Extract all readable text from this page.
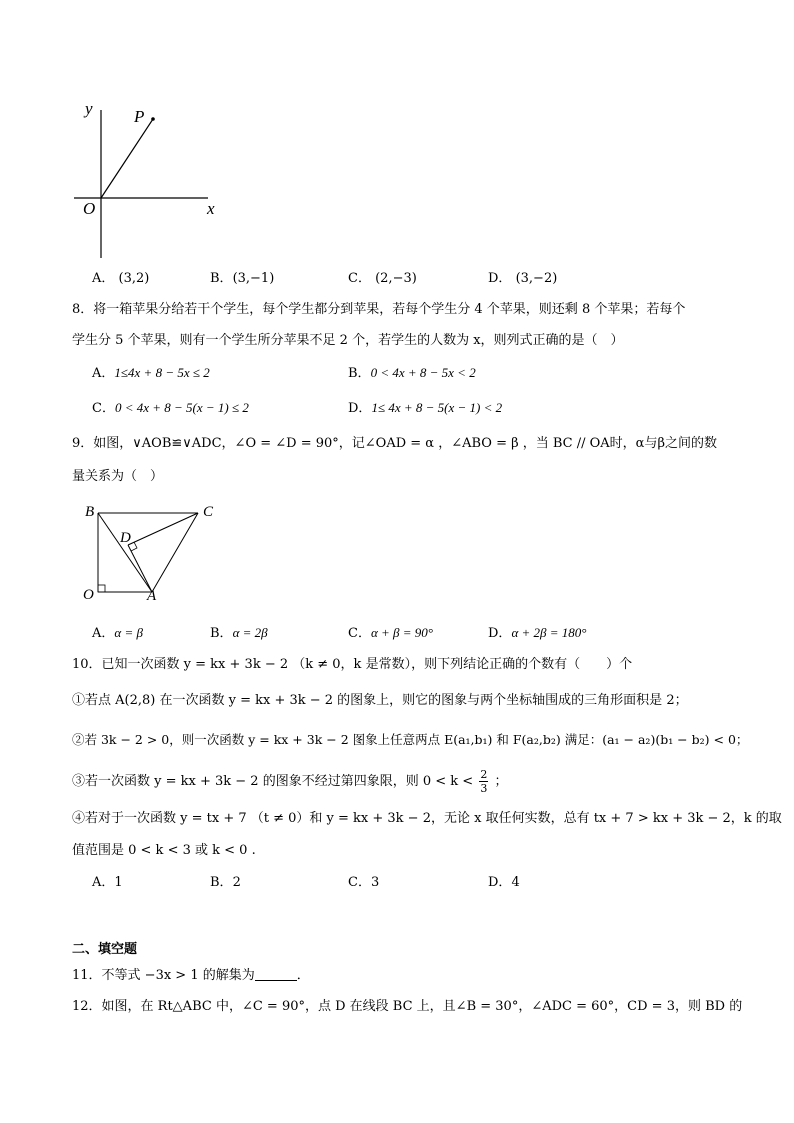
y P
O	x
A． (3,2)	B．(3,−1)	C． (2,−3)	D． (3,−2)
8．将一箱苹果分给若干个学生，每个学生都分到苹果，若每个学生分 4 个苹果，则还剩 8 个苹果；若每个
学生分 5 个苹果，则有一个学生所分苹果不足 2 个，若学生的人数为 x，则列式正确的是（　）
A．1≤4x + 8 − 5x ≤ 2	B．0 < 4x + 8 − 5x < 2
C．0 < 4x + 8 − 5(x − 1) ≤ 2	D．1≤ 4x + 8 − 5(x − 1) < 2
9．如图，∨AOB≌∨ADC，∠O = ∠D = 90°，记∠OAD = α ，∠ABO = β ，当 BC // OA时，α与β之间的数
量关系为（　）
B	C
D
O	A
A．α = β	B．α = 2β	C．α + β = 90°	D．α + 2β = 180°
10．已知一次函数 y = kx + 3k − 2 （k ≠ 0，k 是常数），则下列结论正确的个数有（　　）个
①若点 A(2,8) 在一次函数 y = kx + 3k − 2 的图象上，则它的图象与两个坐标轴围成的三角形面积是 2；
②若 3k − 2 > 0，则一次函数 y = kx + 3k − 2 图象上任意两点 E(a₁,b₁) 和 F(a₂,b₂) 满足：(a₁ − a₂)(b₁ − b₂) < 0；
③若一次函数 y = kx + 3k − 2 的图象不经过第四象限，则 $0 < k < \frac{2}{3}$ ；
④若对于一次函数 y = tx + 7 （t ≠ 0）和 y = kx + 3k − 2，无论 x 取任何实数，总有 tx + 7 > kx + 3k − 2，k 的取
值范围是 0 < k < 3 或 k < 0 .
A．1	B．2	C．3	D．4
二、填空题
11．不等式 −3x > 1 的解集为	．
12．如图，在 Rt△ABC 中，∠C = 90°，点 D 在线段 BC 上，且∠B = 30°，∠ADC = 60°，CD = 3，则 BD 的
